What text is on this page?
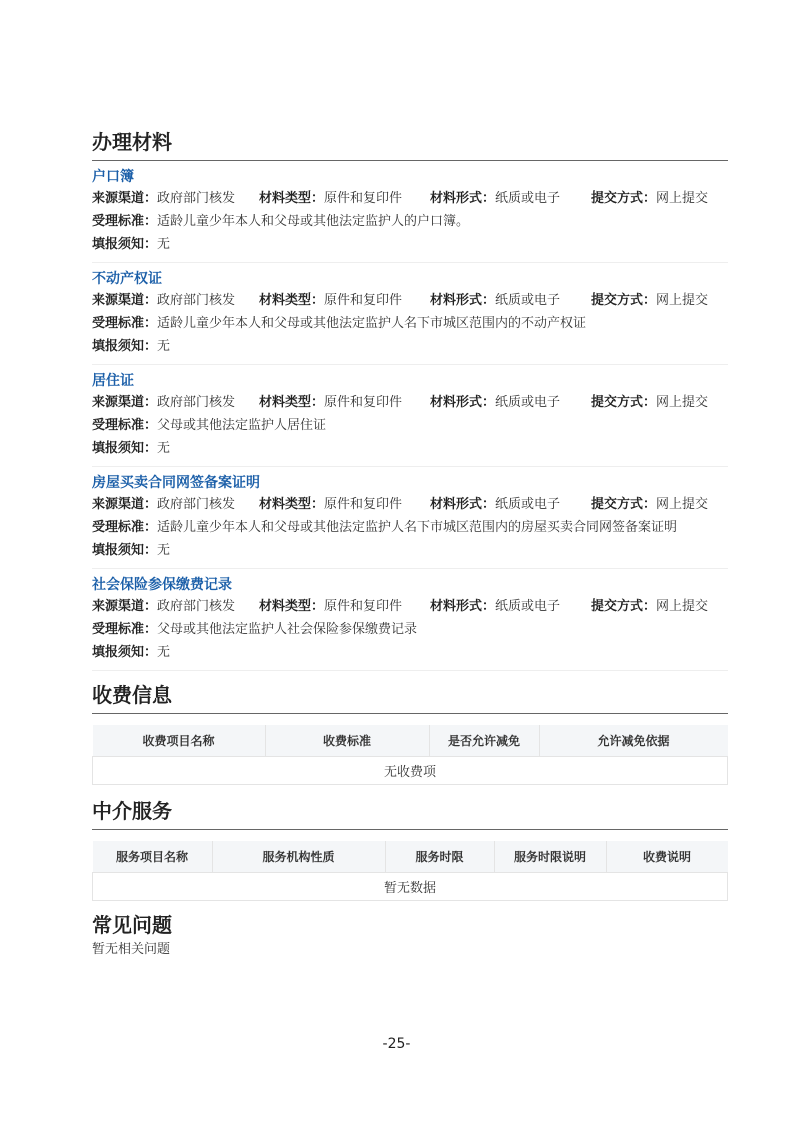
办理材料
户口簿
来源渠道：政府部门核发 材料类型：原件和复印件 材料形式：纸质或电子 提交方式：网上提交
受理标准：适龄儿童少年本人和父母或其他法定监护人的户口簿。
填报须知：无
不动产权证
来源渠道：政府部门核发 材料类型：原件和复印件 材料形式：纸质或电子 提交方式：网上提交
受理标准：适龄儿童少年本人和父母或其他法定监护人名下市城区范围内的不动产权证
填报须知：无
居住证
来源渠道：政府部门核发 材料类型：原件和复印件 材料形式：纸质或电子 提交方式：网上提交
受理标准：父母或其他法定监护人居住证
填报须知：无
房屋买卖合同网签备案证明
来源渠道：政府部门核发 材料类型：原件和复印件 材料形式：纸质或电子 提交方式：网上提交
受理标准：适龄儿童少年本人和父母或其他法定监护人名下市城区范围内的房屋买卖合同网签备案证明
填报须知：无
社会保险参保缴费记录
来源渠道：政府部门核发 材料类型：原件和复印件 材料形式：纸质或电子 提交方式：网上提交
受理标准：父母或其他法定监护人社会保险参保缴费记录
填报须知：无
收费信息
收费项目名称	收费标准	是否允许减免	允许减免依据
无收费项
中介服务
服务项目名称	服务机构性质	服务时限	服务时限说明	收费说明
暂无数据
常见问题
暂无相关问题
-25-
